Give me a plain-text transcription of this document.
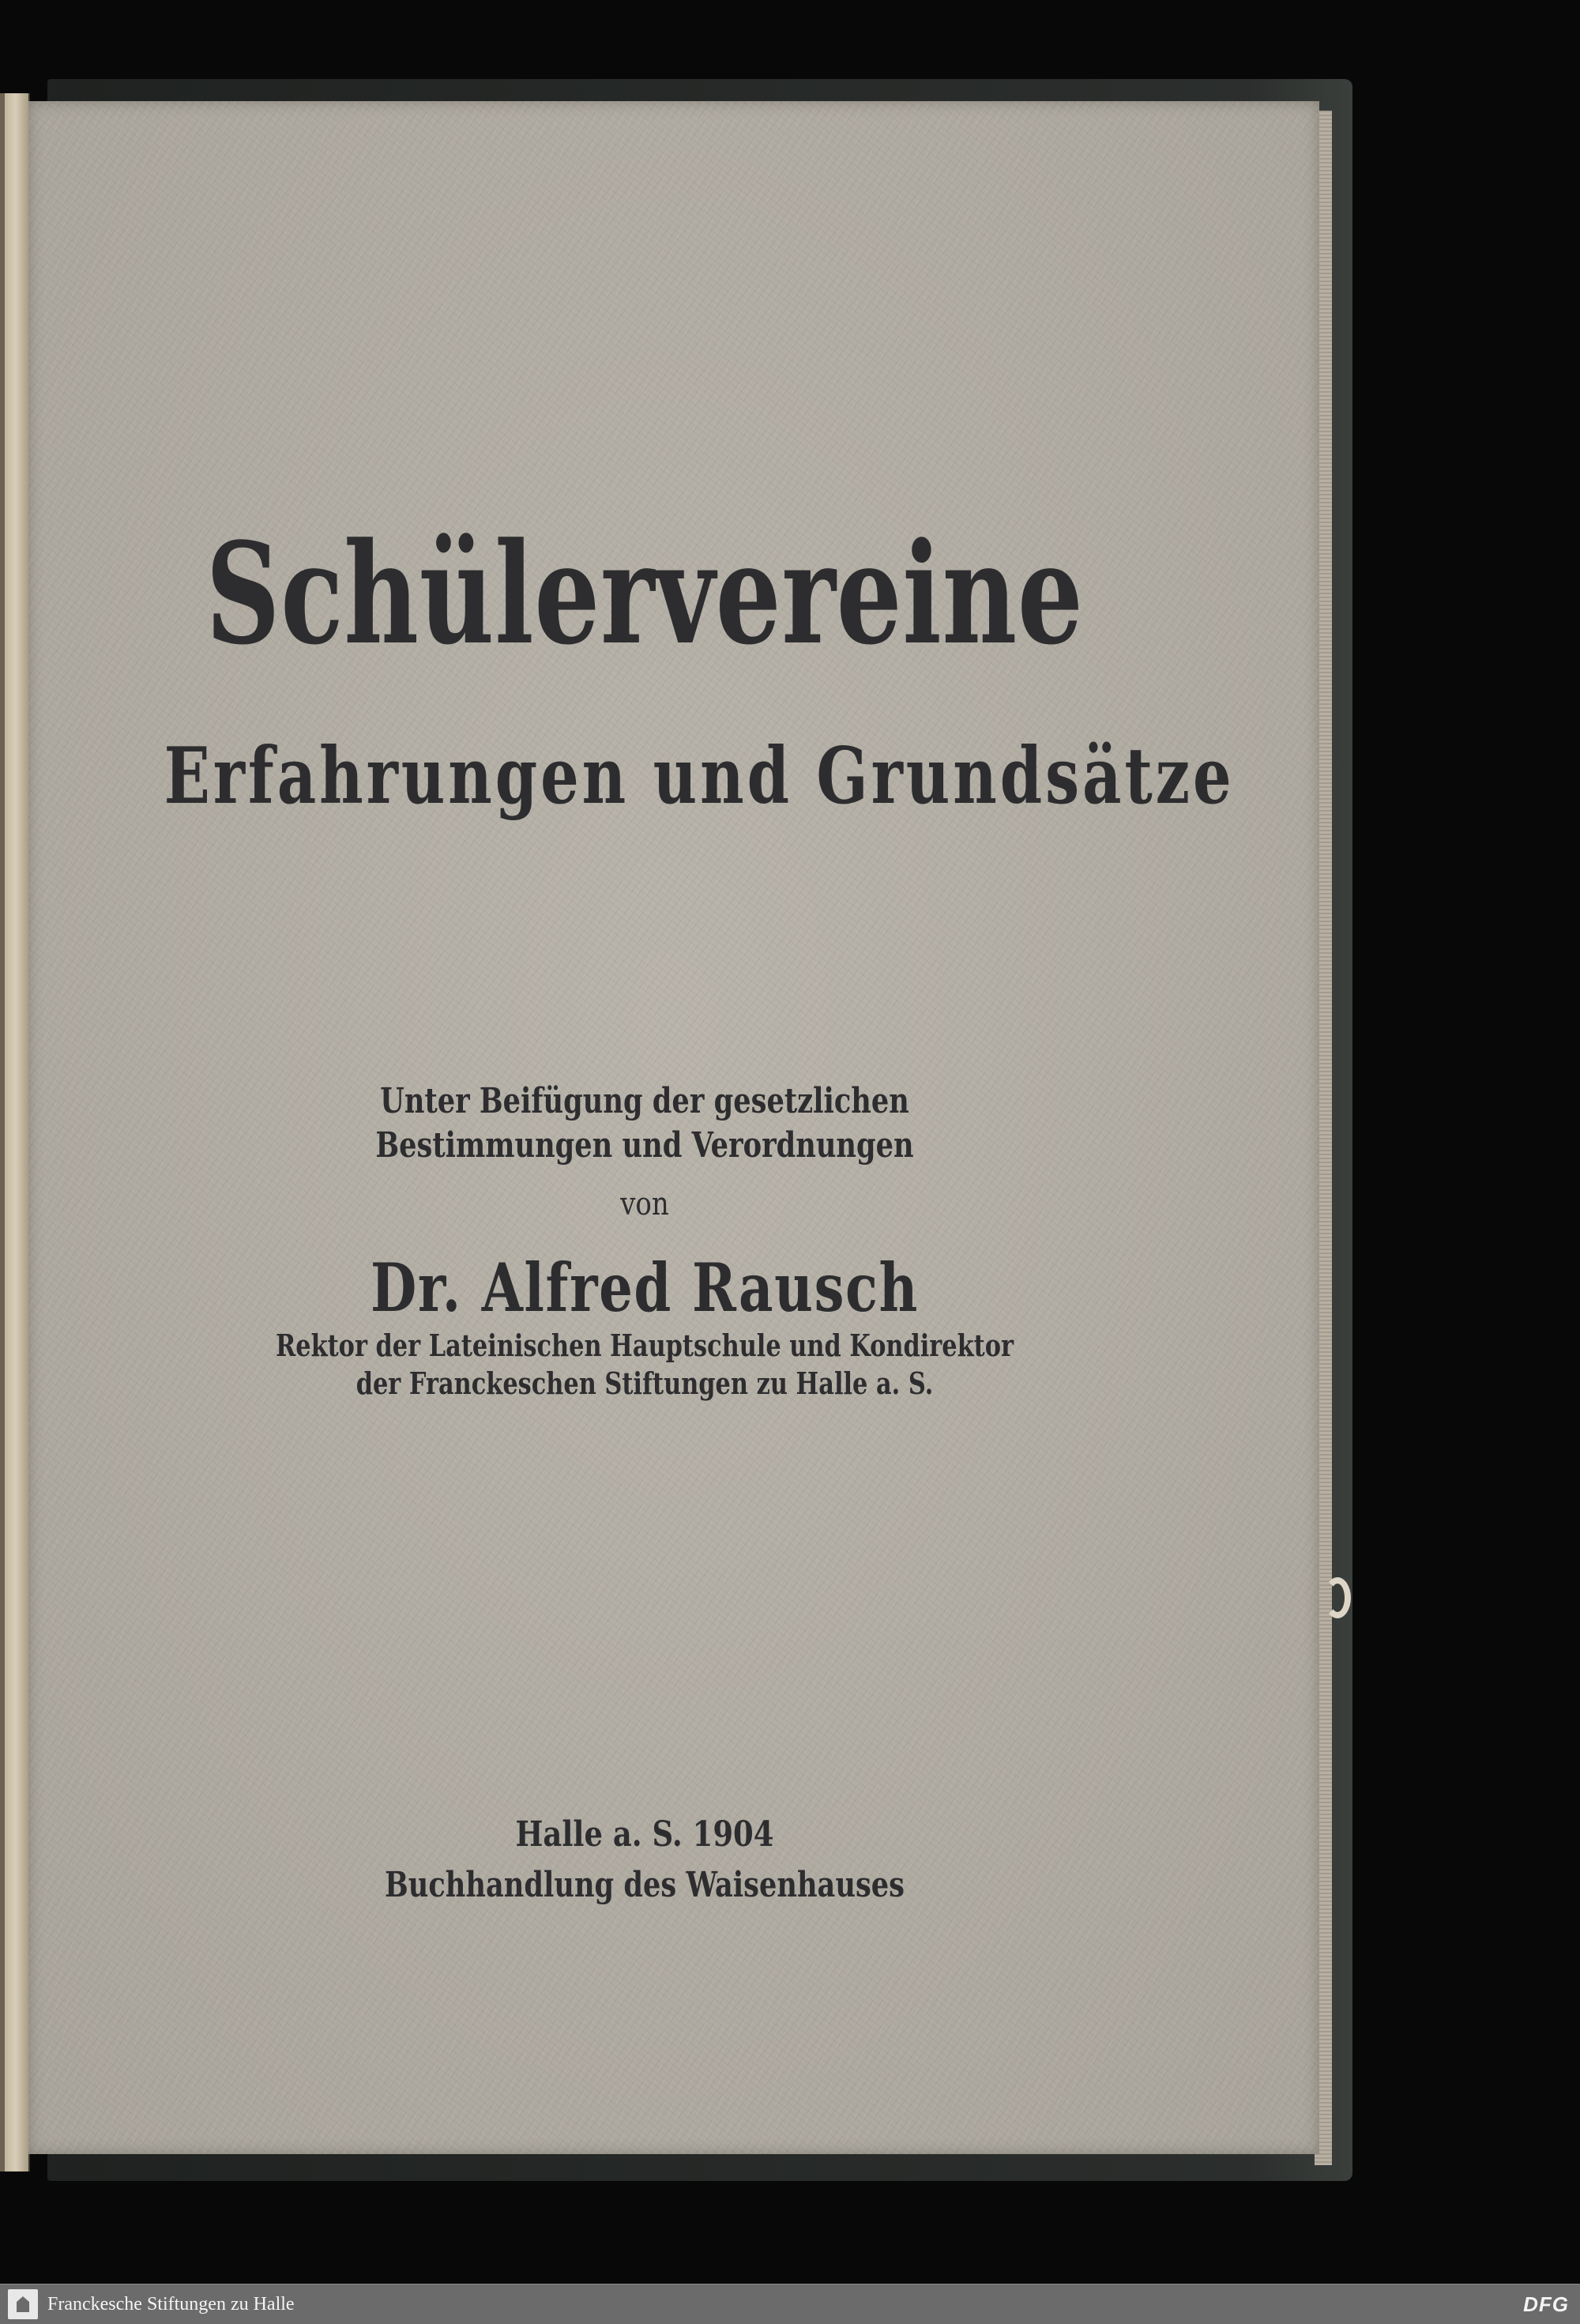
Schülervereine
Erfahrungen und Grundsätze
Unter Beifügung der gesetzlichen
Bestimmungen und Verordnungen
von
Dr. Alfred Rausch
Rektor der Lateinischen Hauptschule und Kondirektor
der Franckeschen Stiftungen zu Halle a. S.
Halle a. S. 1904
Buchhandlung des Waisenhauses
Franckesche Stiftungen zu Halle	DFG
